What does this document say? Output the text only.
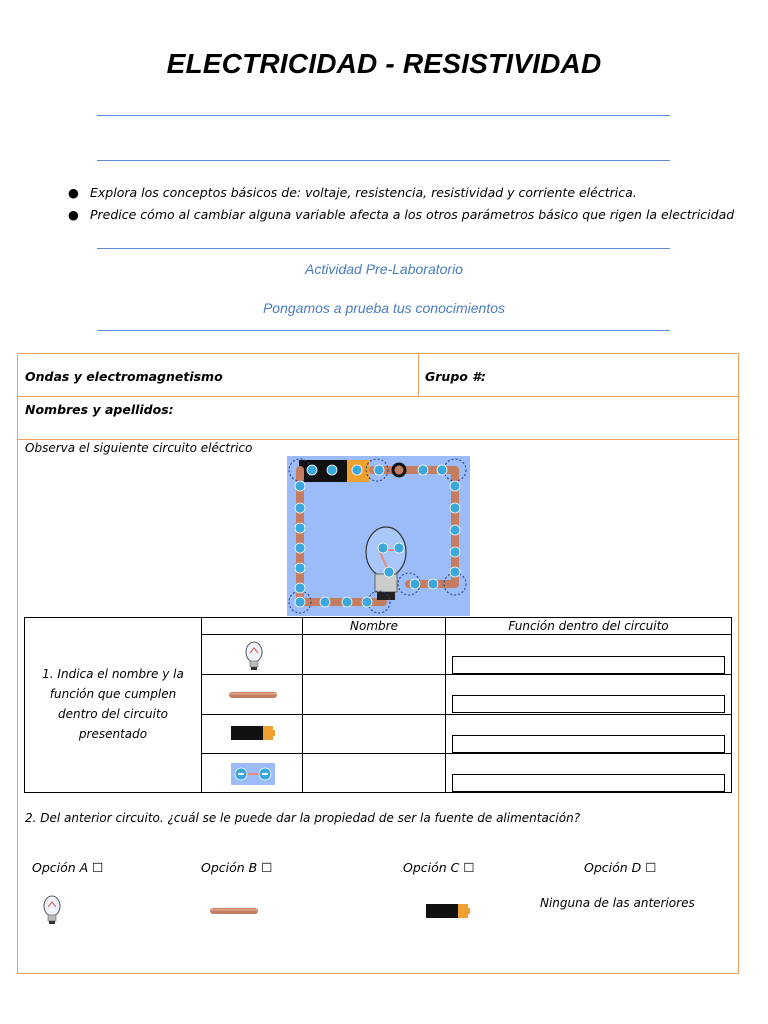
ELECTRICIDAD - RESISTIVIDAD
● Explora los conceptos básicos de: voltaje, resistencia, resistividad y corriente eléctrica.
● Predice cómo al cambiar alguna variable afecta a los otros parámetros básico que rigen la electricidad
Actividad Pre-Laboratorio
Pongamos a prueba tus conocimientos
Ondas y electromagnetismo	Grupo #:
Nombres y apellidos:
Observa el siguiente circuito eléctrico
1. Indica el nombre y la función que cumplen dentro del circuito presentado
Nombre	Función dentro del circuito
2. Del anterior circuito. ¿cuál se le puede dar la propiedad de ser la fuente de alimentación?
Opción A ☐	Opción B ☐	Opción C ☐	Opción D ☐
Ninguna de las anteriores
